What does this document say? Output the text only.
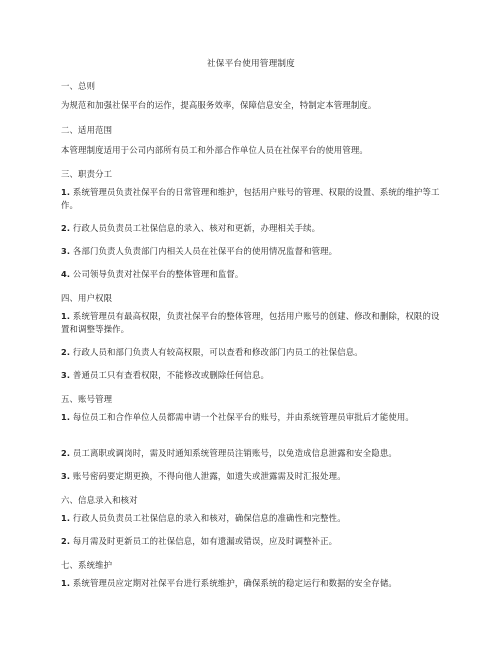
社保平台使用管理制度
一、总则
为规范和加强社保平台的运作，提高服务效率，保障信息安全，特制定本管理制度。
二、适用范围
本管理制度适用于公司内部所有员工和外部合作单位人员在社保平台的使用管理。
三、职责分工
1. 系统管理员负责社保平台的日常管理和维护，包括用户账号的管理、权限的设置、系统的维护等工作。
2. 行政人员负责员工社保信息的录入、核对和更新，办理相关手续。
3. 各部门负责人负责部门内相关人员在社保平台的使用情况监督和管理。
4. 公司领导负责对社保平台的整体管理和监督。
四、用户权限
1. 系统管理员有最高权限，负责社保平台的整体管理，包括用户账号的创建、修改和删除，权限的设置和调整等操作。
2. 行政人员和部门负责人有较高权限，可以查看和修改部门内员工的社保信息。
3. 普通员工只有查看权限，不能修改或删除任何信息。
五、账号管理
1. 每位员工和合作单位人员都需申请一个社保平台的账号，并由系统管理员审批后才能使用。
2. 员工离职或调岗时，需及时通知系统管理员注销账号，以免造成信息泄露和安全隐患。
3. 账号密码要定期更换，不得向他人泄露，如遗失或泄露需及时汇报处理。
六、信息录入和核对
1. 行政人员负责员工社保信息的录入和核对，确保信息的准确性和完整性。
2. 每月需及时更新员工的社保信息，如有遗漏或错误，应及时调整补正。
七、系统维护
1. 系统管理员应定期对社保平台进行系统维护，确保系统的稳定运行和数据的安全存储。
